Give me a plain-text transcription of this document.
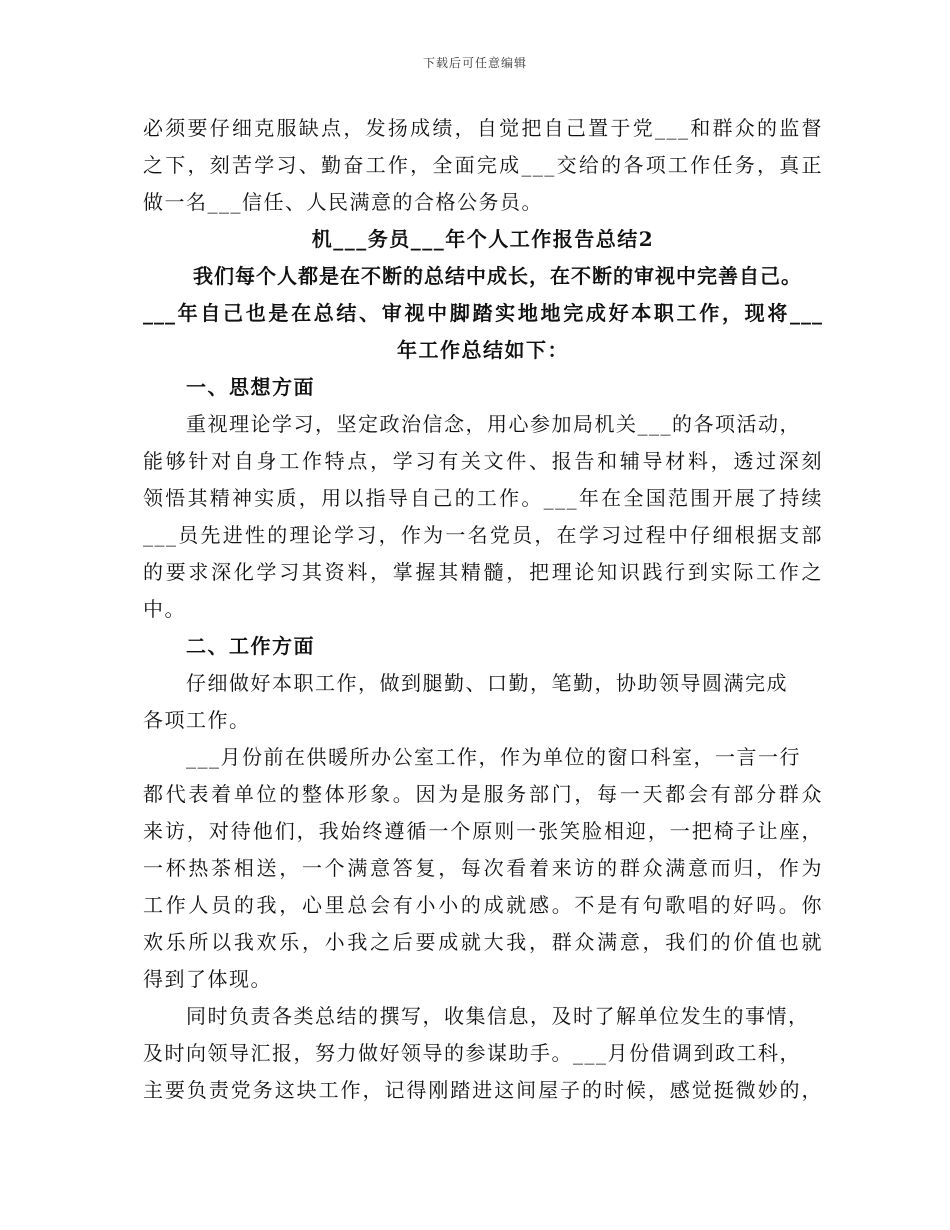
下载后可任意编辑
必须要仔细克服缺点，发扬成绩，自觉把自己置于党___和群众的监督
之下，刻苦学习、勤奋工作，全面完成___交给的各项工作任务，真正
做一名___信任、人民满意的合格公务员。
机___务员___年个人工作报告总结2
我们每个人都是在不断的总结中成长，在不断的审视中完善自己。
___年自己也是在总结、审视中脚踏实地地完成好本职工作，现将___
年工作总结如下：
一、思想方面
重视理论学习，坚定政治信念，用心参加局机关___的各项活动，
能够针对自身工作特点，学习有关文件、报告和辅导材料，透过深刻
领悟其精神实质，用以指导自己的工作。___年在全国范围开展了持续
___员先进性的理论学习，作为一名党员，在学习过程中仔细根据支部
的要求深化学习其资料，掌握其精髓，把理论知识践行到实际工作之
中。
二、工作方面
仔细做好本职工作，做到腿勤、口勤，笔勤，协助领导圆满完成
各项工作。
___月份前在供暖所办公室工作，作为单位的窗口科室，一言一行
都代表着单位的整体形象。因为是服务部门，每一天都会有部分群众
来访，对待他们，我始终遵循一个原则一张笑脸相迎，一把椅子让座，
一杯热茶相送，一个满意答复，每次看着来访的群众满意而归，作为
工作人员的我，心里总会有小小的成就感。不是有句歌唱的好吗。你
欢乐所以我欢乐，小我之后要成就大我，群众满意，我们的价值也就
得到了体现。
同时负责各类总结的撰写，收集信息，及时了解单位发生的事情，
及时向领导汇报，努力做好领导的参谋助手。___月份借调到政工科，
主要负责党务这块工作，记得刚踏进这间屋子的时候，感觉挺微妙的，
